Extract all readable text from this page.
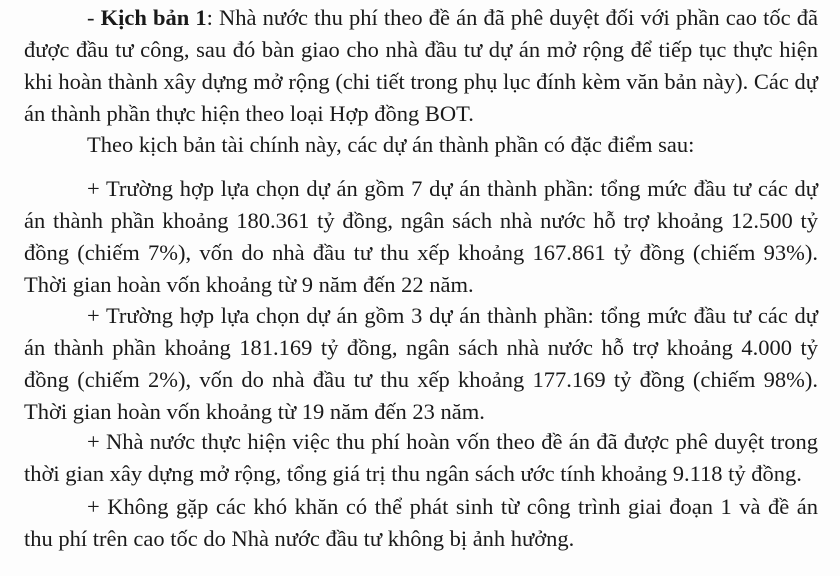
- Kịch bản 1: Nhà nước thu phí theo đề án đã phê duyệt đối với phần cao tốc đã được đầu tư công, sau đó bàn giao cho nhà đầu tư dự án mở rộng để tiếp tục thực hiện khi hoàn thành xây dựng mở rộng (chi tiết trong phụ lục đính kèm văn bản này). Các dự án thành phần thực hiện theo loại Hợp đồng BOT.

Theo kịch bản tài chính này, các dự án thành phần có đặc điểm sau:

+ Trường hợp lựa chọn dự án gồm 7 dự án thành phần: tổng mức đầu tư các dự án thành phần khoảng 180.361 tỷ đồng, ngân sách nhà nước hỗ trợ khoảng 12.500 tỷ đồng (chiếm 7%), vốn do nhà đầu tư thu xếp khoảng 167.861 tỷ đồng (chiếm 93%). Thời gian hoàn vốn khoảng từ 9 năm đến 22 năm.

+ Trường hợp lựa chọn dự án gồm 3 dự án thành phần: tổng mức đầu tư các dự án thành phần khoảng 181.169 tỷ đồng, ngân sách nhà nước hỗ trợ khoảng 4.000 tỷ đồng (chiếm 2%), vốn do nhà đầu tư thu xếp khoảng 177.169 tỷ đồng (chiếm 98%). Thời gian hoàn vốn khoảng từ 19 năm đến 23 năm.

+ Nhà nước thực hiện việc thu phí hoàn vốn theo đề án đã được phê duyệt trong thời gian xây dựng mở rộng, tổng giá trị thu ngân sách ước tính khoảng 9.118 tỷ đồng.

+ Không gặp các khó khăn có thể phát sinh từ công trình giai đoạn 1 và đề án thu phí trên cao tốc do Nhà nước đầu tư không bị ảnh hưởng.
